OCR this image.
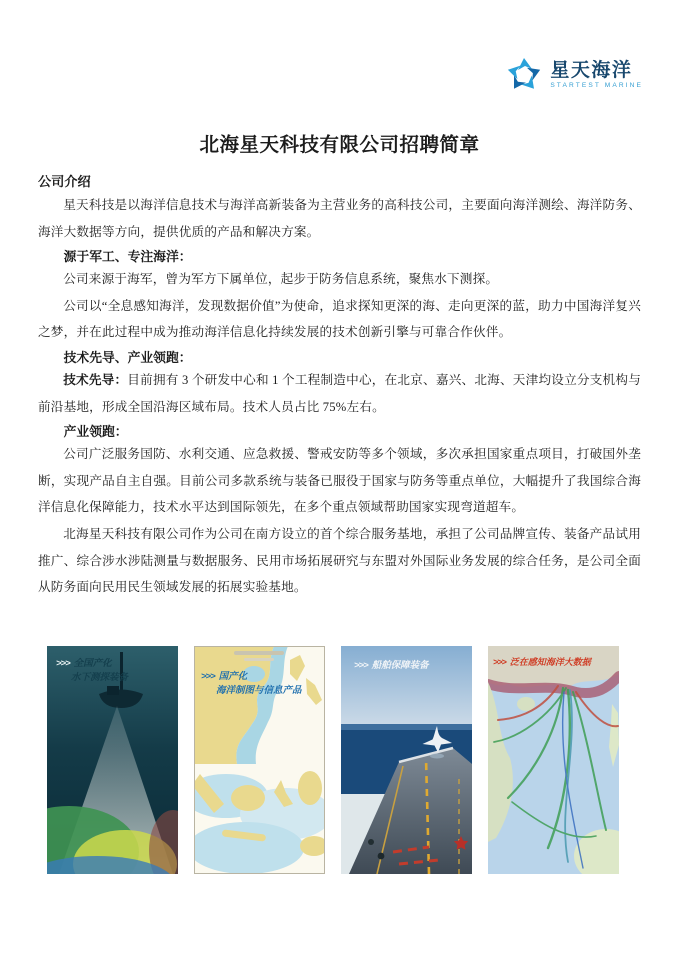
星天海洋
STARTEST MARINE
北海星天科技有限公司招聘简章
公司介绍

星天科技是以海洋信息技术与海洋高新装备为主营业务的高科技公司，主要面向海洋测绘、海洋防务、海洋大数据等方向，提供优质的产品和解决方案。

源于军工、专注海洋：

公司来源于海军，曾为军方下属单位，起步于防务信息系统，聚焦水下测探。

公司以“全息感知海洋，发现数据价值”为使命，追求探知更深的海、走向更深的蓝，助力中国海洋复兴之梦，并在此过程中成为推动海洋信息化持续发展的技术创新引擎与可靠合作伙伴。

技术先导、产业领跑：

技术先导：目前拥有 3 个研发中心和 1 个工程制造中心，在北京、嘉兴、北海、天津均设立分支机构与前沿基地，形成全国沿海区域布局。技术人员占比 75%左右。

产业领跑：

公司广泛服务国防、水利交通、应急救援、警戒安防等多个领域，多次承担国家重点项目，打破国外垄断，实现产品自主自强。目前公司多款系统与装备已服役于国家与防务等重点单位，大幅提升了我国综合海洋信息化保障能力，技术水平达到国际领先，在多个重点领域帮助国家实现弯道超车。

北海星天科技有限公司作为公司在南方设立的首个综合服务基地，承担了公司品牌宣传、装备产品试用推广、综合涉水涉陆测量与数据服务、民用市场拓展研究与东盟对外国际业务发展的综合任务，是公司全面从防务面向民用民生领域发展的拓展实验基地。

>>> 全国产化
水下测探装备	>>> 国产化
海洋制图与信息产品
>>> 船舶保障装备	>>> 泛在感知海洋大数据
